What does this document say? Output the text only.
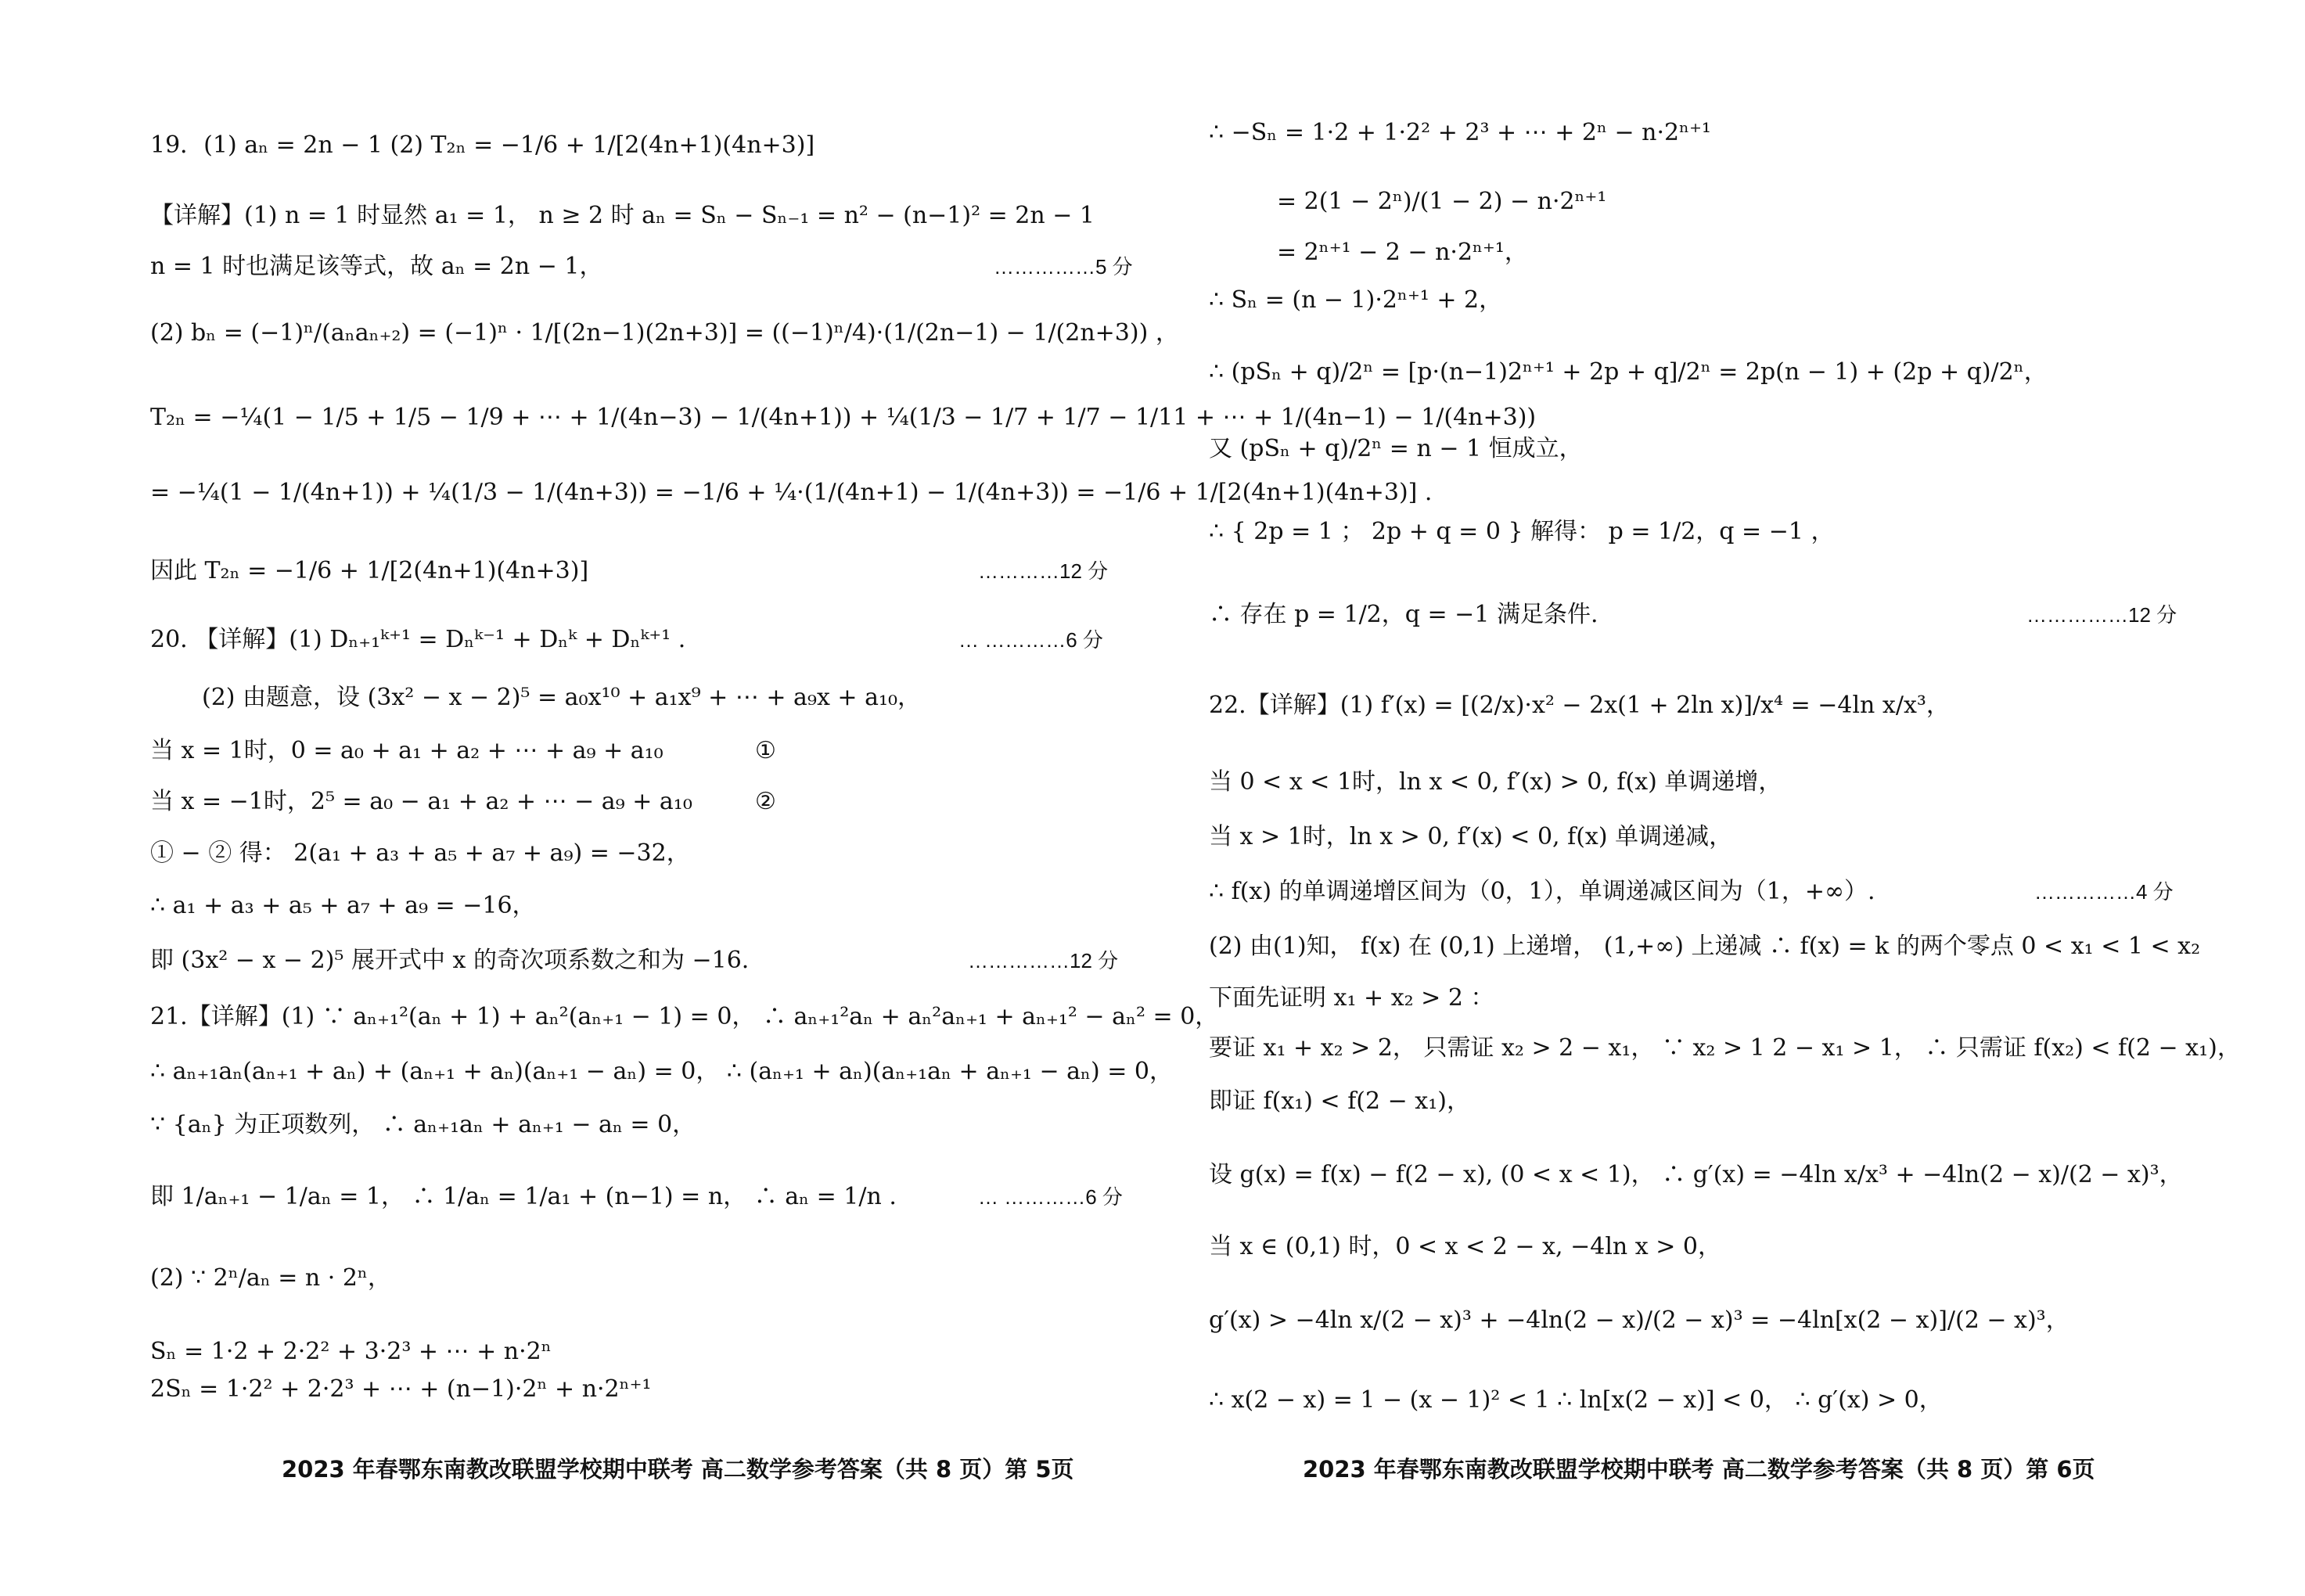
19．(1) aₙ = 2n − 1 (2) T₂ₙ = −1/6 + 1/[2(4n+1)(4n+3)]
【详解】(1) n = 1 时显然 a₁ = 1， n ≥ 2 时 aₙ = Sₙ − Sₙ₋₁ = n² − (n−1)² = 2n − 1
n = 1 时也满足该等式，故 aₙ = 2n − 1，
(2) bₙ = (−1)ⁿ/(aₙaₙ₊₂) = (−1)ⁿ · 1/[(2n−1)(2n+3)] = ((−1)ⁿ/4)·(1/(2n−1) − 1/(2n+3)) ，
T₂ₙ = −¼(1 − 1/5 + 1/5 − 1/9 + ⋯ + 1/(4n−3) − 1/(4n+1)) + ¼(1/3 − 1/7 + 1/7 − 1/11 + ⋯ + 1/(4n−1) − 1/(4n+3))
= −¼(1 − 1/(4n+1)) + ¼(1/3 − 1/(4n+3)) = −1/6 + ¼·(1/(4n+1) − 1/(4n+3)) = −1/6 + 1/[2(4n+1)(4n+3)] .
因此 T₂ₙ = −1/6 + 1/[2(4n+1)(4n+3)]
20. 【详解】(1) Dₙ₊₁ᵏ⁺¹ = Dₙᵏ⁻¹ + Dₙᵏ + Dₙᵏ⁺¹ .
(2) 由题意，设 (3x² − x − 2)⁵ = a₀x¹⁰ + a₁x⁹ + ⋯ + a₉x + a₁₀，
当 x = 1时，0 = a₀ + a₁ + a₂ + ⋯ + a₉ + a₁₀
当 x = −1时，2⁵ = a₀ − a₁ + a₂ + ⋯ − a₉ + a₁₀
① − ② 得： 2(a₁ + a₃ + a₅ + a₇ + a₉) = −32，
∴ a₁ + a₃ + a₅ + a₇ + a₉ = −16，
即 (3x² − x − 2)⁵ 展开式中 x 的奇次项系数之和为 −16.
21.【详解】(1) ∵ aₙ₊₁²(aₙ + 1) + aₙ²(aₙ₊₁ − 1) = 0， ∴ aₙ₊₁²aₙ + aₙ²aₙ₊₁ + aₙ₊₁² − aₙ² = 0，
∴ aₙ₊₁aₙ(aₙ₊₁ + aₙ) + (aₙ₊₁ + aₙ)(aₙ₊₁ − aₙ) = 0， ∴ (aₙ₊₁ + aₙ)(aₙ₊₁aₙ + aₙ₊₁ − aₙ) = 0，
∵ {aₙ} 为正项数列， ∴ aₙ₊₁aₙ + aₙ₊₁ − aₙ = 0，
即 1/aₙ₊₁ − 1/aₙ = 1， ∴ 1/aₙ = 1/a₁ + (n−1) = n， ∴ aₙ = 1/n .
(2) ∵ 2ⁿ/aₙ = n · 2ⁿ，
Sₙ = 1·2 + 2·2² + 3·2³ + ⋯ + n·2ⁿ
2Sₙ = 1·2² + 2·2³ + ⋯ + (n−1)·2ⁿ + n·2ⁿ⁺¹
……………5 分
…………12 分
… …………6 分
……………12 分
… …………6 分
①
②
∴ −Sₙ = 1·2 + 1·2² + 2³ + ⋯ + 2ⁿ − n·2ⁿ⁺¹
= 2(1 − 2ⁿ)/(1 − 2) − n·2ⁿ⁺¹
= 2ⁿ⁺¹ − 2 − n·2ⁿ⁺¹，
∴ Sₙ = (n − 1)·2ⁿ⁺¹ + 2，
∴ (pSₙ + q)/2ⁿ = [p·(n−1)2ⁿ⁺¹ + 2p + q]/2ⁿ = 2p(n − 1) + (2p + q)/2ⁿ，
又 (pSₙ + q)/2ⁿ = n − 1 恒成立，
∴ { 2p = 1 ； 2p + q = 0 } 解得： p = 1/2，q = −1 ，
∴ 存在 p = 1/2，q = −1 满足条件.
22.【详解】(1) f′(x) = [(2/x)·x² − 2x(1 + 2ln x)]/x⁴ = −4ln x/x³，
当 0 < x < 1时，ln x < 0, f′(x) > 0, f(x) 单调递增，
当 x > 1时，ln x > 0, f′(x) < 0, f(x) 单调递减，
∴ f(x) 的单调递增区间为（0，1），单调递减区间为（1，+∞）.
(2) 由(1)知， f(x) 在 (0,1) 上递增， (1,+∞) 上递减 ∴ f(x) = k 的两个零点 0 < x₁ < 1 < x₂
下面先证明 x₁ + x₂ > 2 ：
要证 x₁ + x₂ > 2， 只需证 x₂ > 2 − x₁， ∵ x₂ > 1 2 − x₁ > 1， ∴ 只需证 f(x₂) < f(2 − x₁)，
即证 f(x₁) < f(2 − x₁)，
设 g(x) = f(x) − f(2 − x), (0 < x < 1)， ∴ g′(x) = −4ln x/x³ + −4ln(2 − x)/(2 − x)³，
当 x ∈ (0,1) 时，0 < x < 2 − x, −4ln x > 0，
g′(x) > −4ln x/(2 − x)³ + −4ln(2 − x)/(2 − x)³ = −4ln[x(2 − x)]/(2 − x)³，
∴ x(2 − x) = 1 − (x − 1)² < 1 ∴ ln[x(2 − x)] < 0， ∴ g′(x) > 0，
……………12 分
……………4 分
2023 年春鄂东南教改联盟学校期中联考 高二数学参考答案（共 8 页）第 5页	2023 年春鄂东南教改联盟学校期中联考 高二数学参考答案（共 8 页）第 6页
